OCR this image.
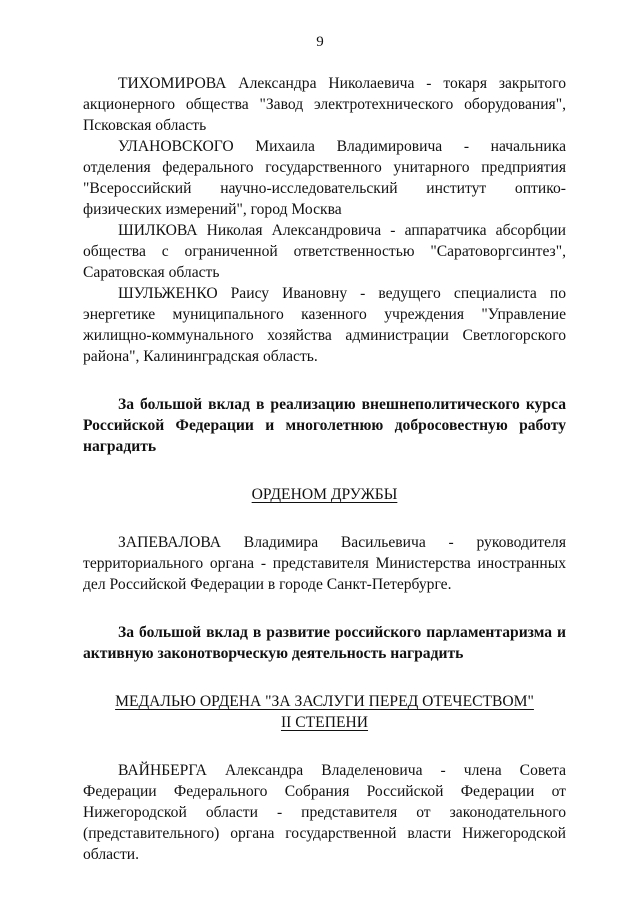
9

ТИХОМИРОВА Александра Николаевича - токаря закрытого акционерного общества "Завод электротехнического оборудования", Псковская область

УЛАНОВСКОГО Михаила Владимировича - начальника отделения федерального государственного унитарного предприятия "Всероссийский научно-исследовательский институт оптико-физических измерений", город Москва

ШИЛКОВА Николая Александровича - аппаратчика абсорбции общества с ограниченной ответственностью "Саратоворгсинтез", Саратовская область

ШУЛЬЖЕНКО Раису Ивановну - ведущего специалиста по энергетике муниципального казенного учреждения "Управление жилищно-коммунального хозяйства администрации Светлогорского района", Калининградская область.

За большой вклад в реализацию внешнеполитического курса Российской Федерации и многолетнюю добросовестную работу наградить

ОРДЕНОМ ДРУЖБЫ

ЗАПЕВАЛОВА Владимира Васильевича - руководителя территориального органа - представителя Министерства иностранных дел Российской Федерации в городе Санкт-Петербурге.

За большой вклад в развитие российского парламентаризма и активную законотворческую деятельность наградить

МЕДАЛЬЮ ОРДЕНА "ЗА ЗАСЛУГИ ПЕРЕД ОТЕЧЕСТВОМ"
II СТЕПЕНИ

ВАЙНБЕРГА Александра Владеленовича - члена Совета Федерации Федерального Собрания Российской Федерации от Нижегородской области - представителя от законодательного (представительного) органа государственной власти Нижегородской области.
